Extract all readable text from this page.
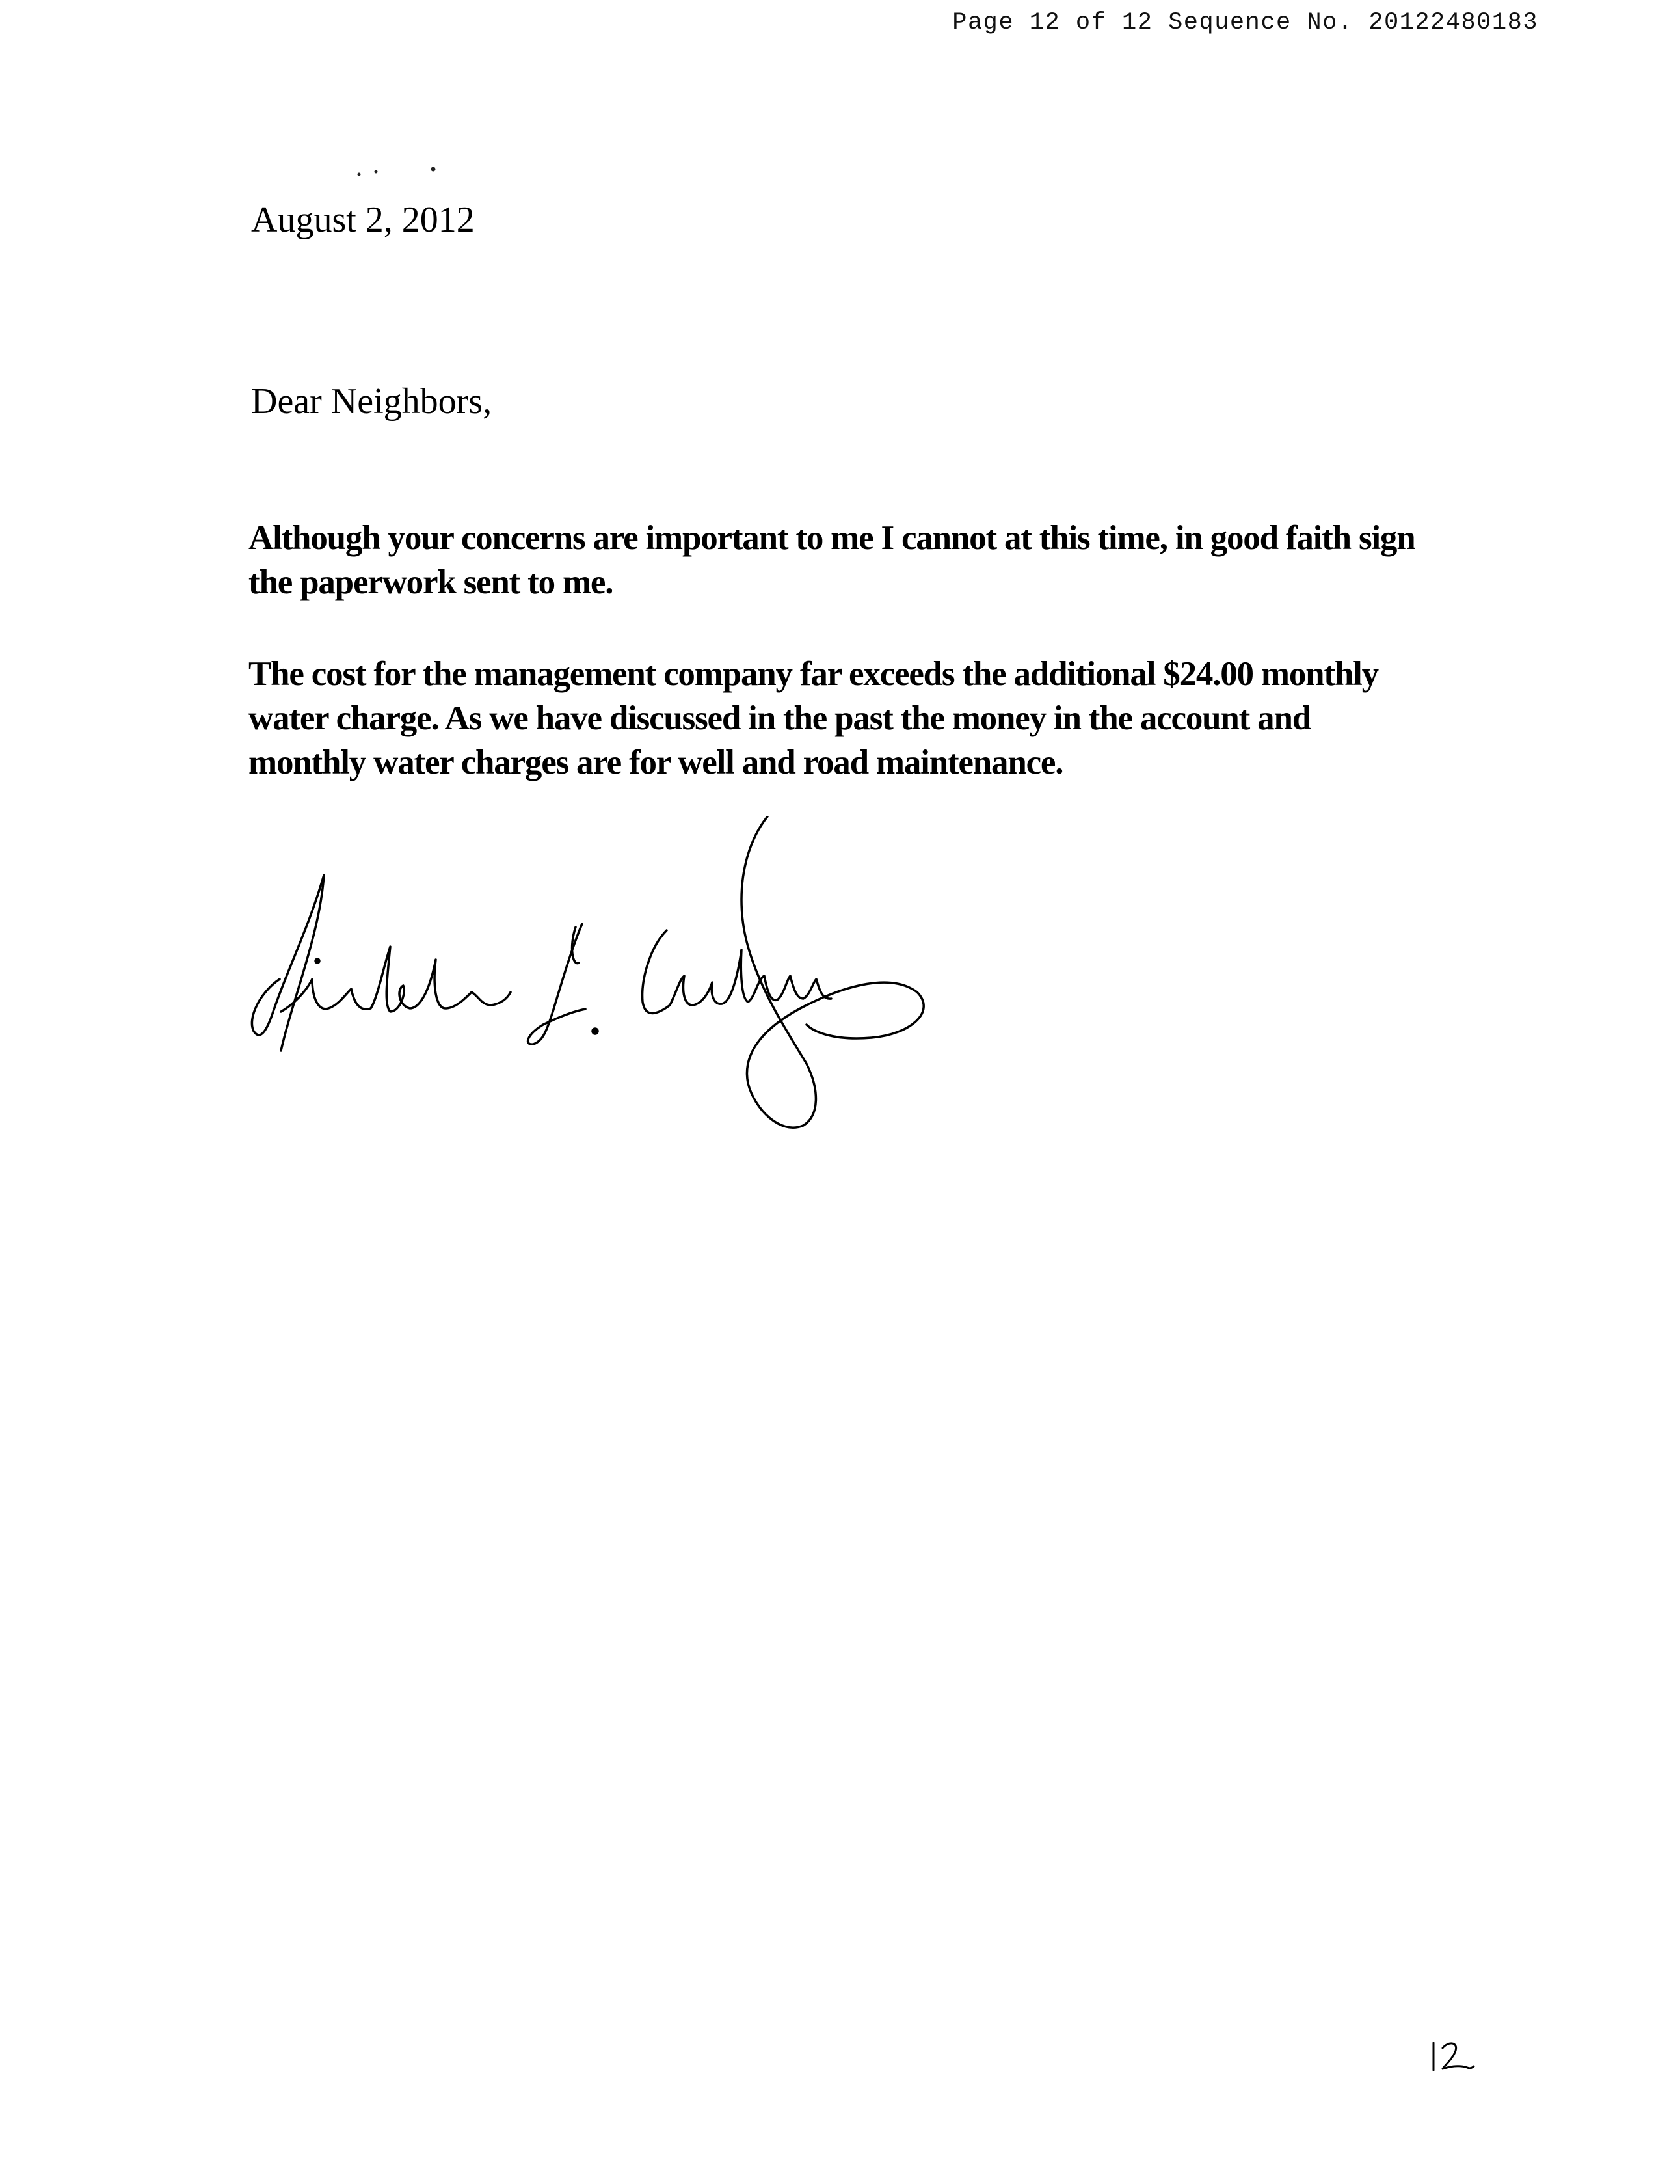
Page 12 of 12 Sequence No. 20122480183
August 2, 2012
Dear Neighbors,
Although your concerns are important to me I cannot at this time, in good faith sign the paperwork sent to me.
The cost for the management company far exceeds the additional $24.00 monthly water charge. As we have discussed in the past the money in the account and monthly water charges are for well and road maintenance.
